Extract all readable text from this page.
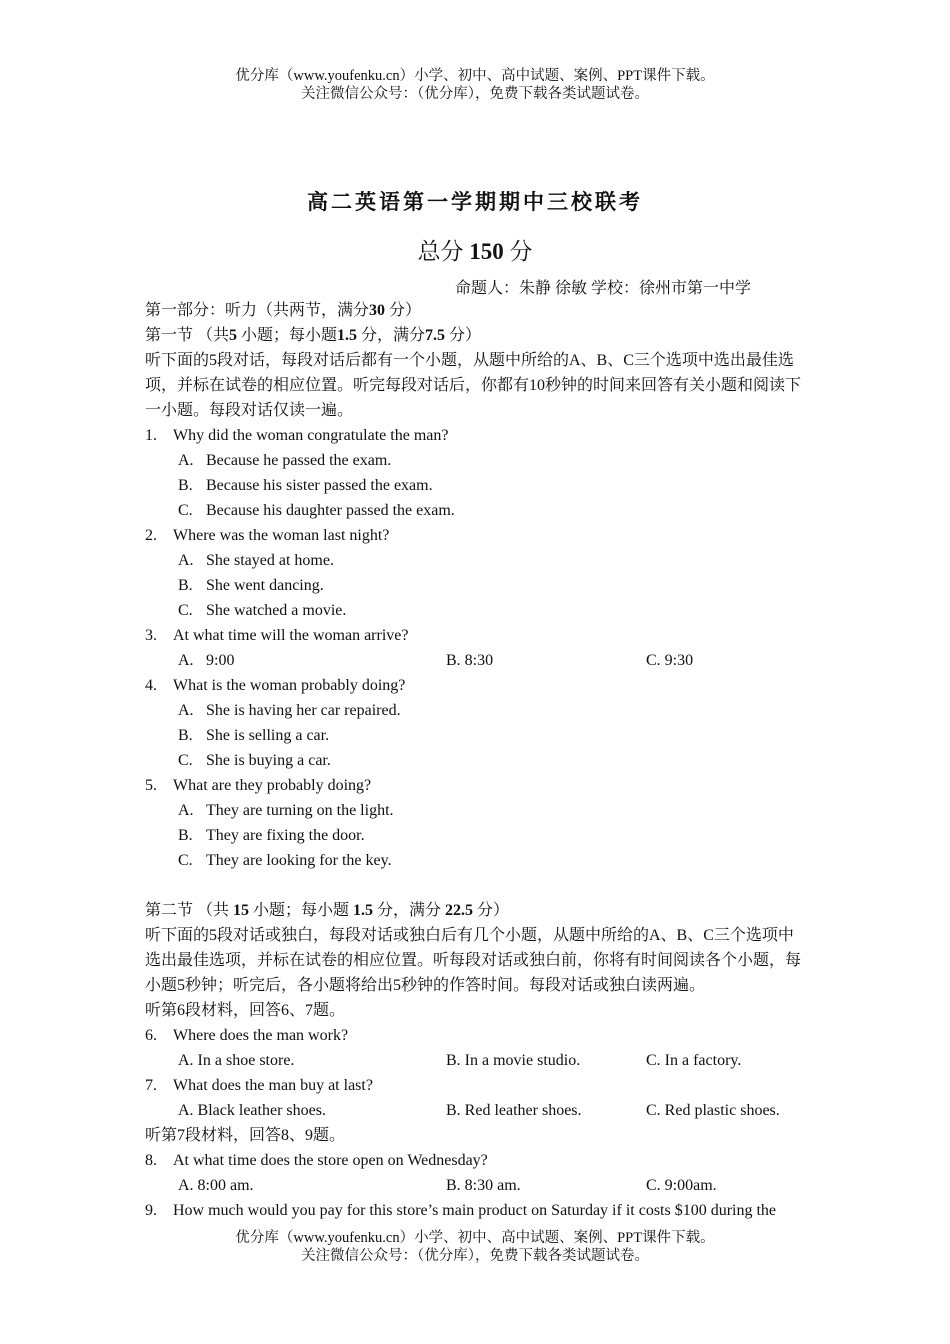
优分库（www.youfenku.cn）小学、初中、高中试题、案例、PPT课件下载。
关注微信公众号：（优分库），免费下载各类试题试卷。
高二英语第一学期期中三校联考
总分 150 分
命题人：朱静 徐敏 学校：徐州市第一中学
第一部分：听力（共两节，满分30 分）
第一节 （共5 小题；每小题1.5 分，满分7.5 分）
听下面的5段对话，每段对话后都有一个小题，从题中所给的A、B、C三个选项中选出最佳选项，并标在试卷的相应位置。听完每段对话后，你都有10秒钟的时间来回答有关小题和阅读下一小题。每段对话仅读一遍。
1.	Why did the woman congratulate the man?
A. Because he passed the exam.
B. Because his sister passed the exam.
C. Because his daughter passed the exam.
2.	Where was the woman last night?
A. She stayed at home.
B. She went dancing.
C. She watched a movie.
3.	At what time will the woman arrive?
A. 9:00	B. 8:30	C. 9:30
4.	What is the woman probably doing?
A. She is having her car repaired.
B. She is selling a car.
C. She is buying a car.
5.	What are they probably doing?
A. They are turning on the light.
B. They are fixing the door.
C. They are looking for the key.
第二节 （共 15 小题；每小题 1.5 分，满分 22.5 分）
听下面的5段对话或独白，每段对话或独白后有几个小题，从题中所给的A、B、C三个选项中选出最佳选项，并标在试卷的相应位置。听每段对话或独白前，你将有时间阅读各个小题，每小题5秒钟；听完后，各小题将给出5秒钟的作答时间。每段对话或独白读两遍。
听第6段材料，回答6、7题。
6.	Where does the man work?
A. In a shoe store.	B. In a movie studio.	C. In a factory.
7.	What does the man buy at last?
A. Black leather shoes.	B. Red leather shoes.	C. Red plastic shoes.
听第7段材料，回答8、9题。
8.	At what time does the store open on Wednesday?
A. 8:00 am.	B. 8:30 am.	C. 9:00am.
9.	How much would you pay for this store’s main product on Saturday if it costs $100 during the
优分库（www.youfenku.cn）小学、初中、高中试题、案例、PPT课件下载。
关注微信公众号：（优分库），免费下载各类试题试卷。
